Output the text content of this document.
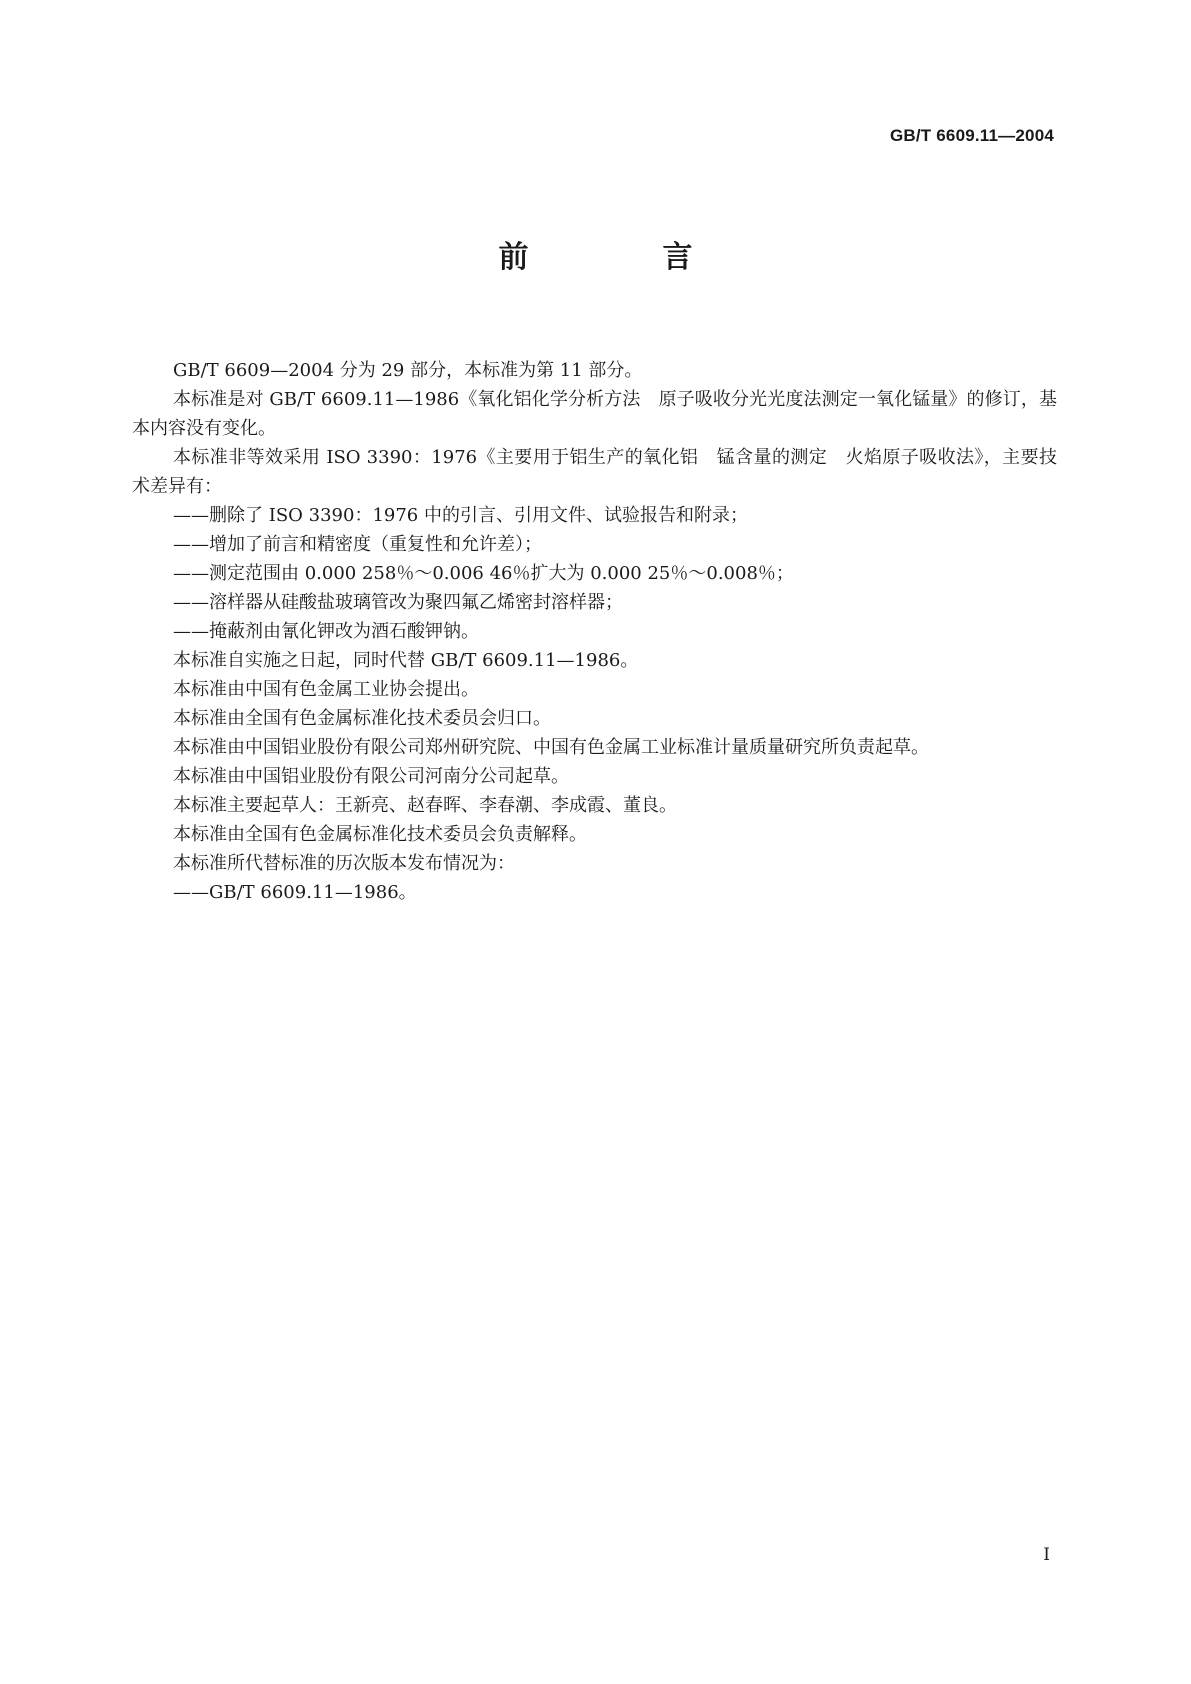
GB/T 6609.11—2004
前　言

GB/T 6609—2004 分为 29 部分，本标准为第 11 部分。

本标准是对 GB/T 6609.11—1986《氧化铝化学分析方法　原子吸收分光光度法测定一氧化锰量》的修订，基本内容没有变化。

本标准非等效采用 ISO 3390：1976《主要用于铝生产的氧化铝　锰含量的测定　火焰原子吸收法》，主要技术差异有：

——删除了 ISO 3390：1976 中的引言、引用文件、试验报告和附录；

——增加了前言和精密度（重复性和允许差）；

——测定范围由 0.000 258％～0.006 46％扩大为 0.000 25％～0.008％；

——溶样器从硅酸盐玻璃管改为聚四氟乙烯密封溶样器；

——掩蔽剂由氰化钾改为酒石酸钾钠。

本标准自实施之日起，同时代替 GB/T 6609.11—1986。

本标准由中国有色金属工业协会提出。

本标准由全国有色金属标准化技术委员会归口。

本标准由中国铝业股份有限公司郑州研究院、中国有色金属工业标准计量质量研究所负责起草。

本标准由中国铝业股份有限公司河南分公司起草。

本标准主要起草人：王新亮、赵春晖、李春潮、李成霞、董良。

本标准由全国有色金属标准化技术委员会负责解释。

本标准所代替标准的历次版本发布情况为：

——GB/T 6609.11—1986。

I
